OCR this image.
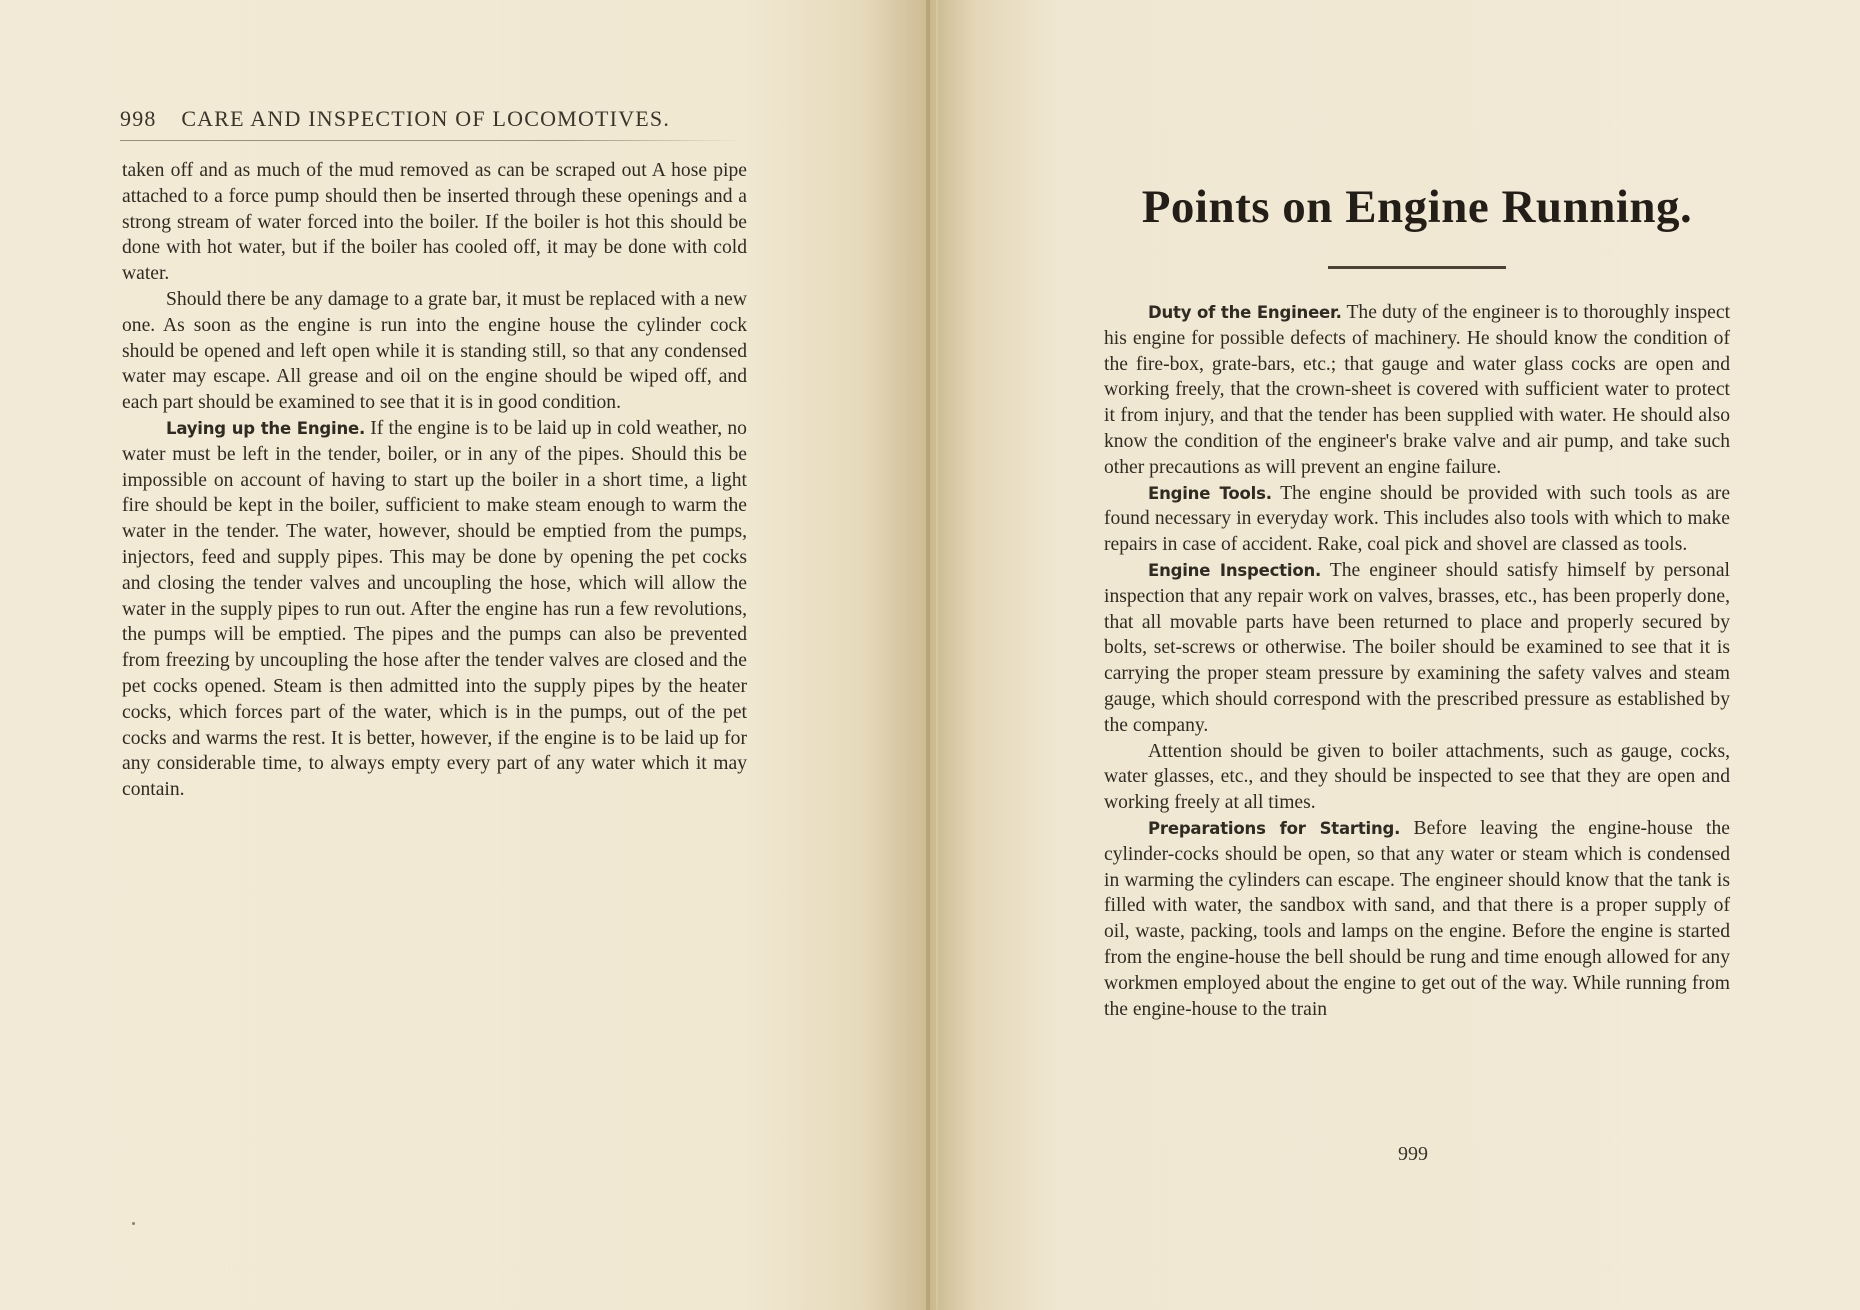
998 CARE AND INSPECTION OF LOCOMOTIVES.

taken off and as much of the mud removed as can be scraped out A hose pipe attached to a force pump should then be inserted through these openings and a strong stream of water forced into the boiler. If the boiler is hot this should be done with hot water, but if the boiler has cooled off, it may be done with cold water.

Should there be any damage to a grate bar, it must be replaced with a new one. As soon as the engine is run into the engine house the cylinder cock should be opened and left open while it is standing still, so that any condensed water may escape. All grease and oil on the engine should be wiped off, and each part should be examined to see that it is in good condition.

Laying up the Engine. If the engine is to be laid up in cold weather, no water must be left in the tender, boiler, or in any of the pipes. Should this be impossible on account of having to start up the boiler in a short time, a light fire should be kept in the boiler, sufficient to make steam enough to warm the water in the tender. The water, however, should be emptied from the pumps, injectors, feed and supply pipes. This may be done by opening the pet cocks and closing the tender valves and uncoupling the hose, which will allow the water in the supply pipes to run out. After the engine has run a few revolutions, the pumps will be emptied. The pipes and the pumps can also be prevented from freezing by uncoupling the hose after the tender valves are closed and the pet cocks opened. Steam is then admitted into the supply pipes by the heater cocks, which forces part of the water, which is in the pumps, out of the pet cocks and warms the rest. It is better, however, if the engine is to be laid up for any considerable time, to always empty every part of any water which it may contain.

Points on Engine Running.

Duty of the Engineer. The duty of the engineer is to thoroughly inspect his engine for possible defects of machinery. He should know the condition of the fire-box, grate-bars, etc.; that gauge and water glass cocks are open and working freely, that the crown-sheet is covered with sufficient water to protect it from injury, and that the tender has been supplied with water. He should also know the condition of the engineer's brake valve and air pump, and take such other precautions as will prevent an engine failure.

Engine Tools. The engine should be provided with such tools as are found necessary in everyday work. This includes also tools with which to make repairs in case of accident. Rake, coal pick and shovel are classed as tools.

Engine Inspection. The engineer should satisfy himself by personal inspection that any repair work on valves, brasses, etc., has been properly done, that all movable parts have been returned to place and properly secured by bolts, set-screws or otherwise. The boiler should be examined to see that it is carrying the proper steam pressure by examining the safety valves and steam gauge, which should correspond with the prescribed pressure as established by the company.

Attention should be given to boiler attachments, such as gauge, cocks, water glasses, etc., and they should be inspected to see that they are open and working freely at all times.

Preparations for Starting. Before leaving the engine-house the cylinder-cocks should be open, so that any water or steam which is condensed in warming the cylinders can escape. The engineer should know that the tank is filled with water, the sandbox with sand, and that there is a proper supply of oil, waste, packing, tools and lamps on the engine. Before the engine is started from the engine-house the bell should be rung and time enough allowed for any workmen employed about the engine to get out of the way. While running from the engine-house to the train

999
